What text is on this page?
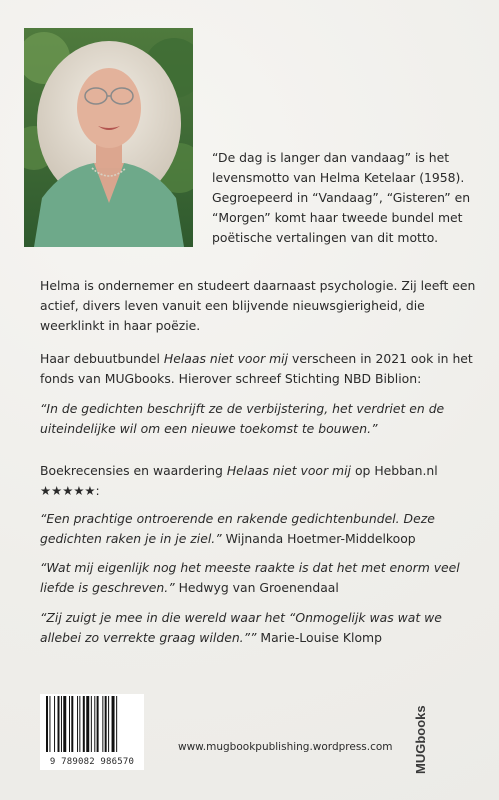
“De dag is langer dan vandaag” is het levensmotto van Helma Ketelaar (1958). Gegroepeerd in “Vandaag”, “Gisteren” en “Morgen” komt haar tweede bundel met poëtische vertalingen van dit motto.

Helma is ondernemer en studeert daarnaast psychologie. Zij leeft een actief, divers leven vanuit een blijvende nieuwsgierigheid, die weerklinkt in haar poëzie.

Haar debuutbundel Helaas niet voor mij verscheen in 2021 ook in het fonds van MUGbooks. Hierover schreef Stichting NBD Biblion:

“In de gedichten beschrijft ze de verbijstering, het verdriet en de uiteindelijke wil om een nieuwe toekomst te bouwen.”

Boekrecensies en waardering Helaas niet voor mij op Hebban.nl ★★★★★:

“Een prachtige ontroerende en rakende gedichtenbundel. Deze gedichten raken je in je ziel.” Wijnanda Hoetmer-Middelkoop

“Wat mij eigenlijk nog het meeste raakte is dat het met enorm veel liefde is geschreven.” Hedwyg van Groenendaal

“Zij zuigt je mee in die wereld waar het “Onmogelijk was wat we allebei zo verrekte graag wilden.”” Marie-Louise Klomp

9 789082 986570
www.mugbookpublishing.wordpress.com MUGbooks
